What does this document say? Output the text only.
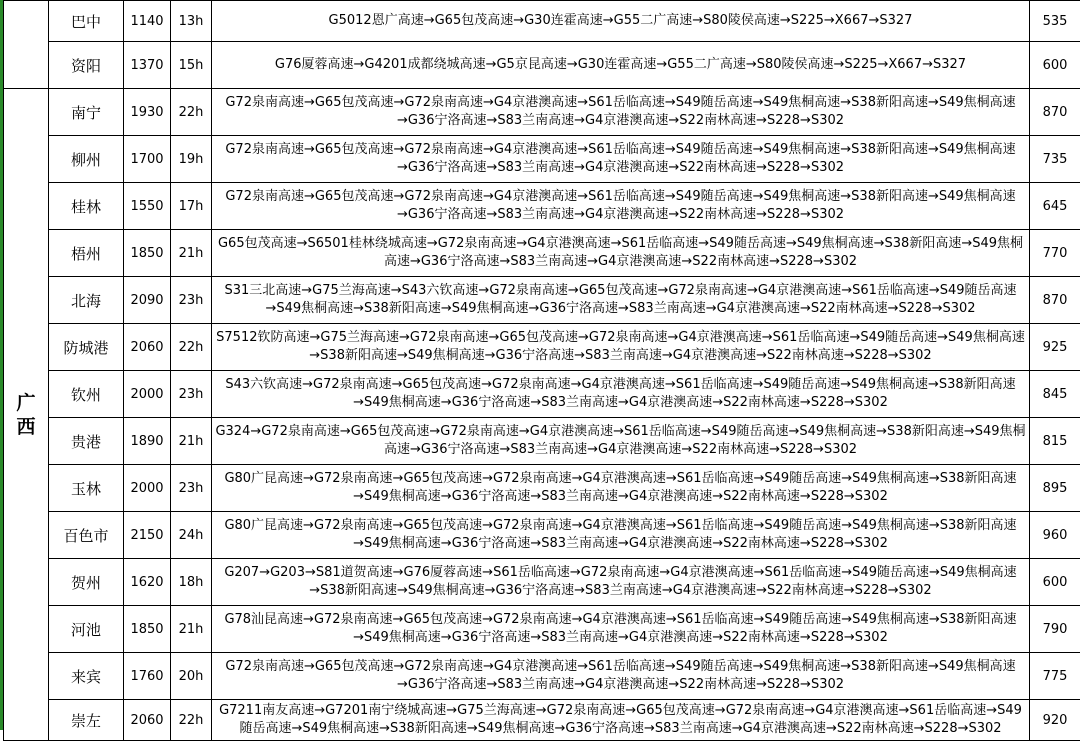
	巴中	1140	13h	G5012恩广高速→G65包茂高速→G30连霍高速→G55二广高速→S80陵侯高速→S225→X667→S327	535
	资阳	1370	15h	G76厦蓉高速→G4201成都绕城高速→G5京昆高速→G30连霍高速→G55二广高速→S80陵侯高速→S225→X667→S327	600
广西	南宁	1930	22h	G72泉南高速→G65包茂高速→G72泉南高速→G4京港澳高速→S61岳临高速→S49随岳高速→S49焦桐高速→S38新阳高速→S49焦桐高速→G36宁洛高速→S83兰南高速→G4京港澳高速→S22南林高速→S228→S302	870
	柳州	1700	19h	G72泉南高速→G65包茂高速→G72泉南高速→G4京港澳高速→S61岳临高速→S49随岳高速→S49焦桐高速→S38新阳高速→S49焦桐高速→G36宁洛高速→S83兰南高速→G4京港澳高速→S22南林高速→S228→S302	735
	桂林	1550	17h	G72泉南高速→G65包茂高速→G72泉南高速→G4京港澳高速→S61岳临高速→S49随岳高速→S49焦桐高速→S38新阳高速→S49焦桐高速→G36宁洛高速→S83兰南高速→G4京港澳高速→S22南林高速→S228→S302	645
	梧州	1850	21h	G65包茂高速→S6501桂林绕城高速→G72泉南高速→G4京港澳高速→S61岳临高速→S49随岳高速→S49焦桐高速→S38新阳高速→S49焦桐高速→G36宁洛高速→S83兰南高速→G4京港澳高速→S22南林高速→S228→S302	770
	北海	2090	23h	S31三北高速→G75兰海高速→S43六钦高速→G72泉南高速→G65包茂高速→G72泉南高速→G4京港澳高速→S61岳临高速→S49随岳高速→S49焦桐高速→S38新阳高速→S49焦桐高速→G36宁洛高速→S83兰南高速→G4京港澳高速→S22南林高速→S228→S302	870
	防城港	2060	22h	S7512钦防高速→G75兰海高速→G72泉南高速→G65包茂高速→G72泉南高速→G4京港澳高速→S61岳临高速→S49随岳高速→S49焦桐高速→S38新阳高速→S49焦桐高速→G36宁洛高速→S83兰南高速→G4京港澳高速→S22南林高速→S228→S302	925
	钦州	2000	23h	S43六钦高速→G72泉南高速→G65包茂高速→G72泉南高速→G4京港澳高速→S61岳临高速→S49随岳高速→S49焦桐高速→S38新阳高速→S49焦桐高速→G36宁洛高速→S83兰南高速→G4京港澳高速→S22南林高速→S228→S302	845
	贵港	1890	21h	G324→G72泉南高速→G65包茂高速→G72泉南高速→G4京港澳高速→S61岳临高速→S49随岳高速→S49焦桐高速→S38新阳高速→S49焦桐高速→G36宁洛高速→S83兰南高速→G4京港澳高速→S22南林高速→S228→S302	815
	玉林	2000	23h	G80广昆高速→G72泉南高速→G65包茂高速→G72泉南高速→G4京港澳高速→S61岳临高速→S49随岳高速→S49焦桐高速→S38新阳高速→S49焦桐高速→G36宁洛高速→S83兰南高速→G4京港澳高速→S22南林高速→S228→S302	895
	百色市	2150	24h	G80广昆高速→G72泉南高速→G65包茂高速→G72泉南高速→G4京港澳高速→S61岳临高速→S49随岳高速→S49焦桐高速→S38新阳高速→S49焦桐高速→G36宁洛高速→S83兰南高速→G4京港澳高速→S22南林高速→S228→S302	960
	贺州	1620	18h	G207→G203→S81道贺高速→G76厦蓉高速→S61岳临高速→G72泉南高速→G4京港澳高速→S61岳临高速→S49随岳高速→S49焦桐高速→S38新阳高速→S49焦桐高速→G36宁洛高速→S83兰南高速→G4京港澳高速→S22南林高速→S228→S302	600
	河池	1850	21h	G78汕昆高速→G72泉南高速→G65包茂高速→G72泉南高速→G4京港澳高速→S61岳临高速→S49随岳高速→S49焦桐高速→S38新阳高速→S49焦桐高速→G36宁洛高速→S83兰南高速→G4京港澳高速→S22南林高速→S228→S302	790
	来宾	1760	20h	G72泉南高速→G65包茂高速→G72泉南高速→G4京港澳高速→S61岳临高速→S49随岳高速→S49焦桐高速→S38新阳高速→S49焦桐高速→G36宁洛高速→S83兰南高速→G4京港澳高速→S22南林高速→S228→S302	775
	崇左	2060	22h	G7211南友高速→G7201南宁绕城高速→G75兰海高速→G72泉南高速→G65包茂高速→G72泉南高速→G4京港澳高速→S61岳临高速→S49随岳高速→S49焦桐高速→S38新阳高速→S49焦桐高速→G36宁洛高速→S83兰南高速→G4京港澳高速→S22南林高速→S228→S302	920
